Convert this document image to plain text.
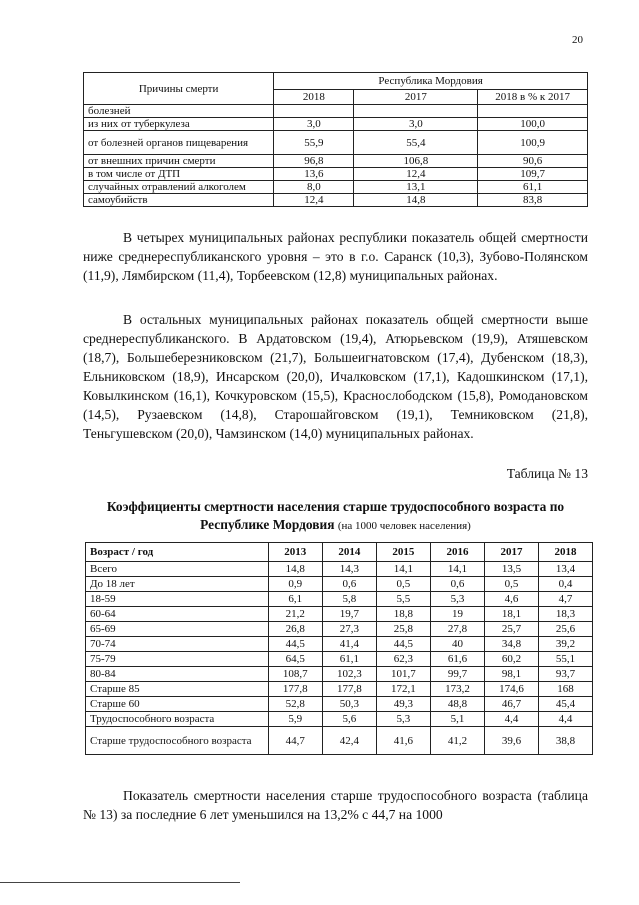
20
Причины смерти	Республика Мордовия		
	2018	2017	2018 в % к 2017
болезней			
из них от туберкулеза	3,0	3,0	100,0
от болезней органов пищеварения	55,9	55,4	100,9
от внешних причин смерти	96,8	106,8	90,6
в том числе от ДТП	13,6	12,4	109,7
случайных отравлений алкоголем	8,0	13,1	61,1
самоубийств	12,4	14,8	83,8

В четырех муниципальных районах республики показатель общей смертности ниже среднереспубликанского уровня – это в г.о. Саранск (10,3), Зубово-Полянском (11,9), Лямбирском (11,4), Торбеевском (12,8) муниципальных районах.

В остальных муниципальных районах показатель общей смертности выше среднереспубликанского. В Ардатовском (19,4), Атюрьевском (19,9), Атяшевском (18,7), Большеберезниковском (21,7), Большеигнатовском (17,4), Дубенском (18,3), Ельниковском (18,9), Инсарском (20,0), Ичалковском (17,1), Кадошкинском (17,1), Ковылкинском (16,1), Кочкуровском (15,5), Краснослободском (15,8), Ромодановском (14,5), Рузаевском (14,8), Старошайговском (19,1), Темниковском (21,8), Теньгушевском (20,0), Чамзинском (14,0) муниципальных районах.

Таблица № 13
Коэффициенты смертности населения старше трудоспособного возраста по Республике Мордовия (на 1000 человек населения)
Возраст / год	2013	2014	2015	2016	2017	2018
Всего	14,8	14,3	14,1	14,1	13,5	13,4
До 18 лет	0,9	0,6	0,5	0,6	0,5	0,4
18-59	6,1	5,8	5,5	5,3	4,6	4,7
60-64	21,2	19,7	18,8	19	18,1	18,3
65-69	26,8	27,3	25,8	27,8	25,7	25,6
70-74	44,5	41,4	44,5	40	34,8	39,2
75-79	64,5	61,1	62,3	61,6	60,2	55,1
80-84	108,7	102,3	101,7	99,7	98,1	93,7
Старше 85	177,8	177,8	172,1	173,2	174,6	168
Старше 60	52,8	50,3	49,3	48,8	46,7	45,4
Трудоспособного возраста	5,9	5,6	5,3	5,1	4,4	4,4
Старше трудоспособного возраста	44,7	42,4	41,6	41,2	39,6	38,8

Показатель смертности населения старше трудоспособного возраста (таблица № 13) за последние 6 лет уменьшился на 13,2% с 44,7 на 1000
